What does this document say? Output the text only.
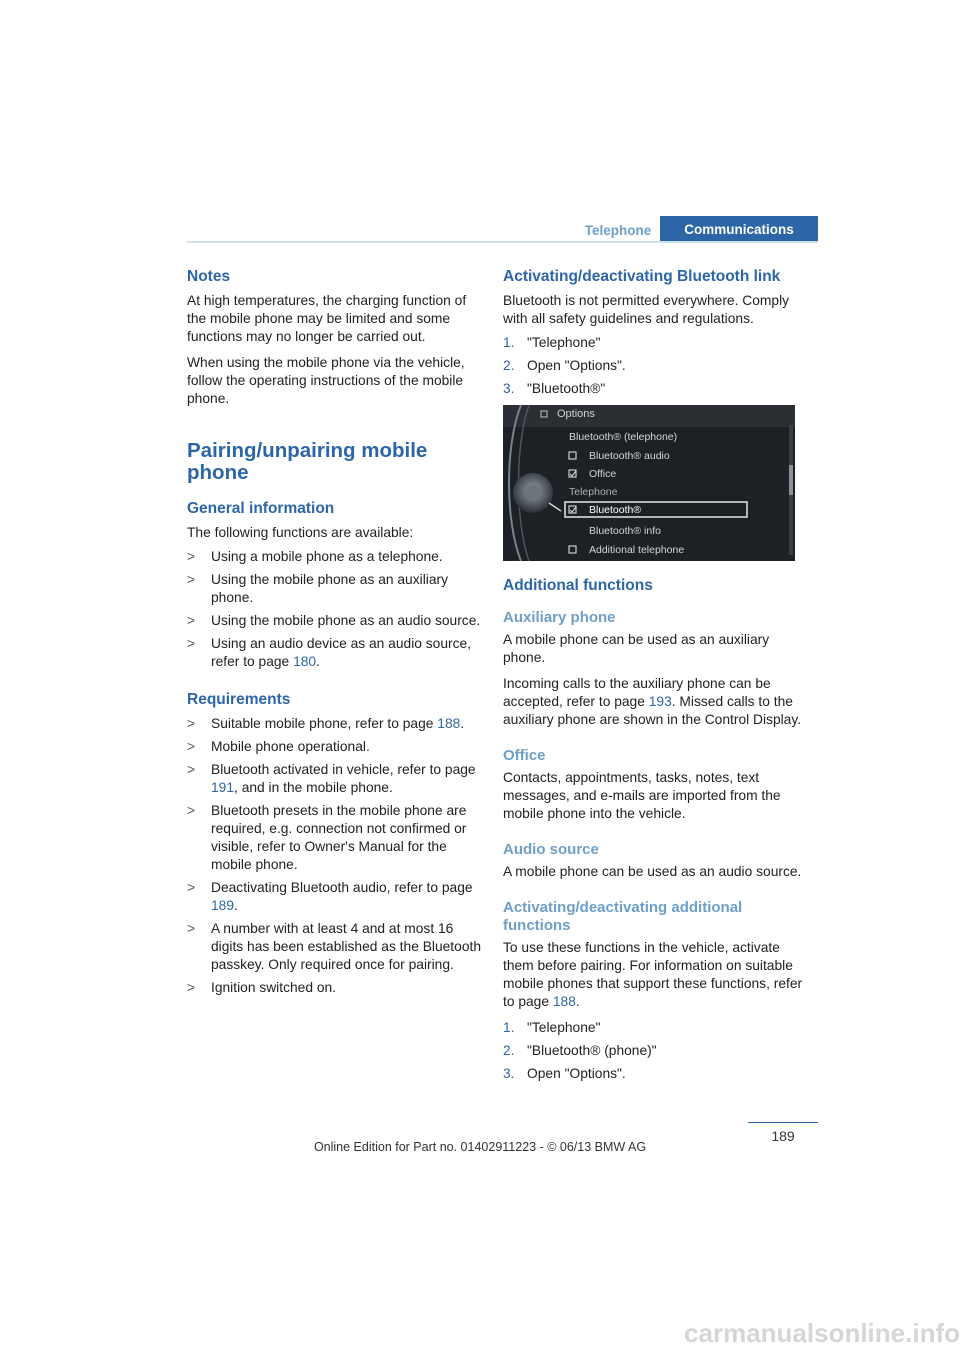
Telephone	Communications
Notes

At high temperatures, the charging function of the mobile phone may be limited and some functions may no longer be carried out.

When using the mobile phone via the vehicle, follow the operating instructions of the mobile phone.

Pairing/unpairing mobile phone
General information

The following functions are available:

> Using a mobile phone as a telephone.
> Using the mobile phone as an auxiliary phone.
> Using the mobile phone as an audio source.
> Using an audio device as an audio source, refer to page 180.
Requirements
> Suitable mobile phone, refer to page 188.
> Mobile phone operational.
> Bluetooth activated in vehicle, refer to page 191, and in the mobile phone.
> Bluetooth presets in the mobile phone are required, e.g. connection not confirmed or visible, refer to Owner's Manual for the mobile phone.
> Deactivating Bluetooth audio, refer to page 189.
> A number with at least 4 and at most 16 digits has been established as the Bluetooth passkey. Only required once for pairing.
> Ignition switched on.
Activating/deactivating Bluetooth link

Bluetooth is not permitted everywhere. Comply with all safety guidelines and regulations.

1. "Telephone"
2. Open "Options".
3. "Bluetooth®"
Options
Bluetooth® (telephone)
Bluetooth® audio
Office
Telephone
Bluetooth®
Bluetooth® info
Additional telephone
Additional functions
Auxiliary phone

A mobile phone can be used as an auxiliary phone.

Incoming calls to the auxiliary phone can be accepted, refer to page 193. Missed calls to the auxiliary phone are shown in the Control Display.

Office

Contacts, appointments, tasks, notes, text messages, and e-mails are imported from the mobile phone into the vehicle.

Audio source

A mobile phone can be used as an audio source.

Activating/deactivating additional functions

To use these functions in the vehicle, activate them before pairing. For information on suitable mobile phones that support these functions, refer to page 188.

1. "Telephone"
2. "Bluetooth® (phone)"
3. Open "Options".
189
Online Edition for Part no. 01402911223 - © 06/13 BMW AG
carmanualsonline.info
